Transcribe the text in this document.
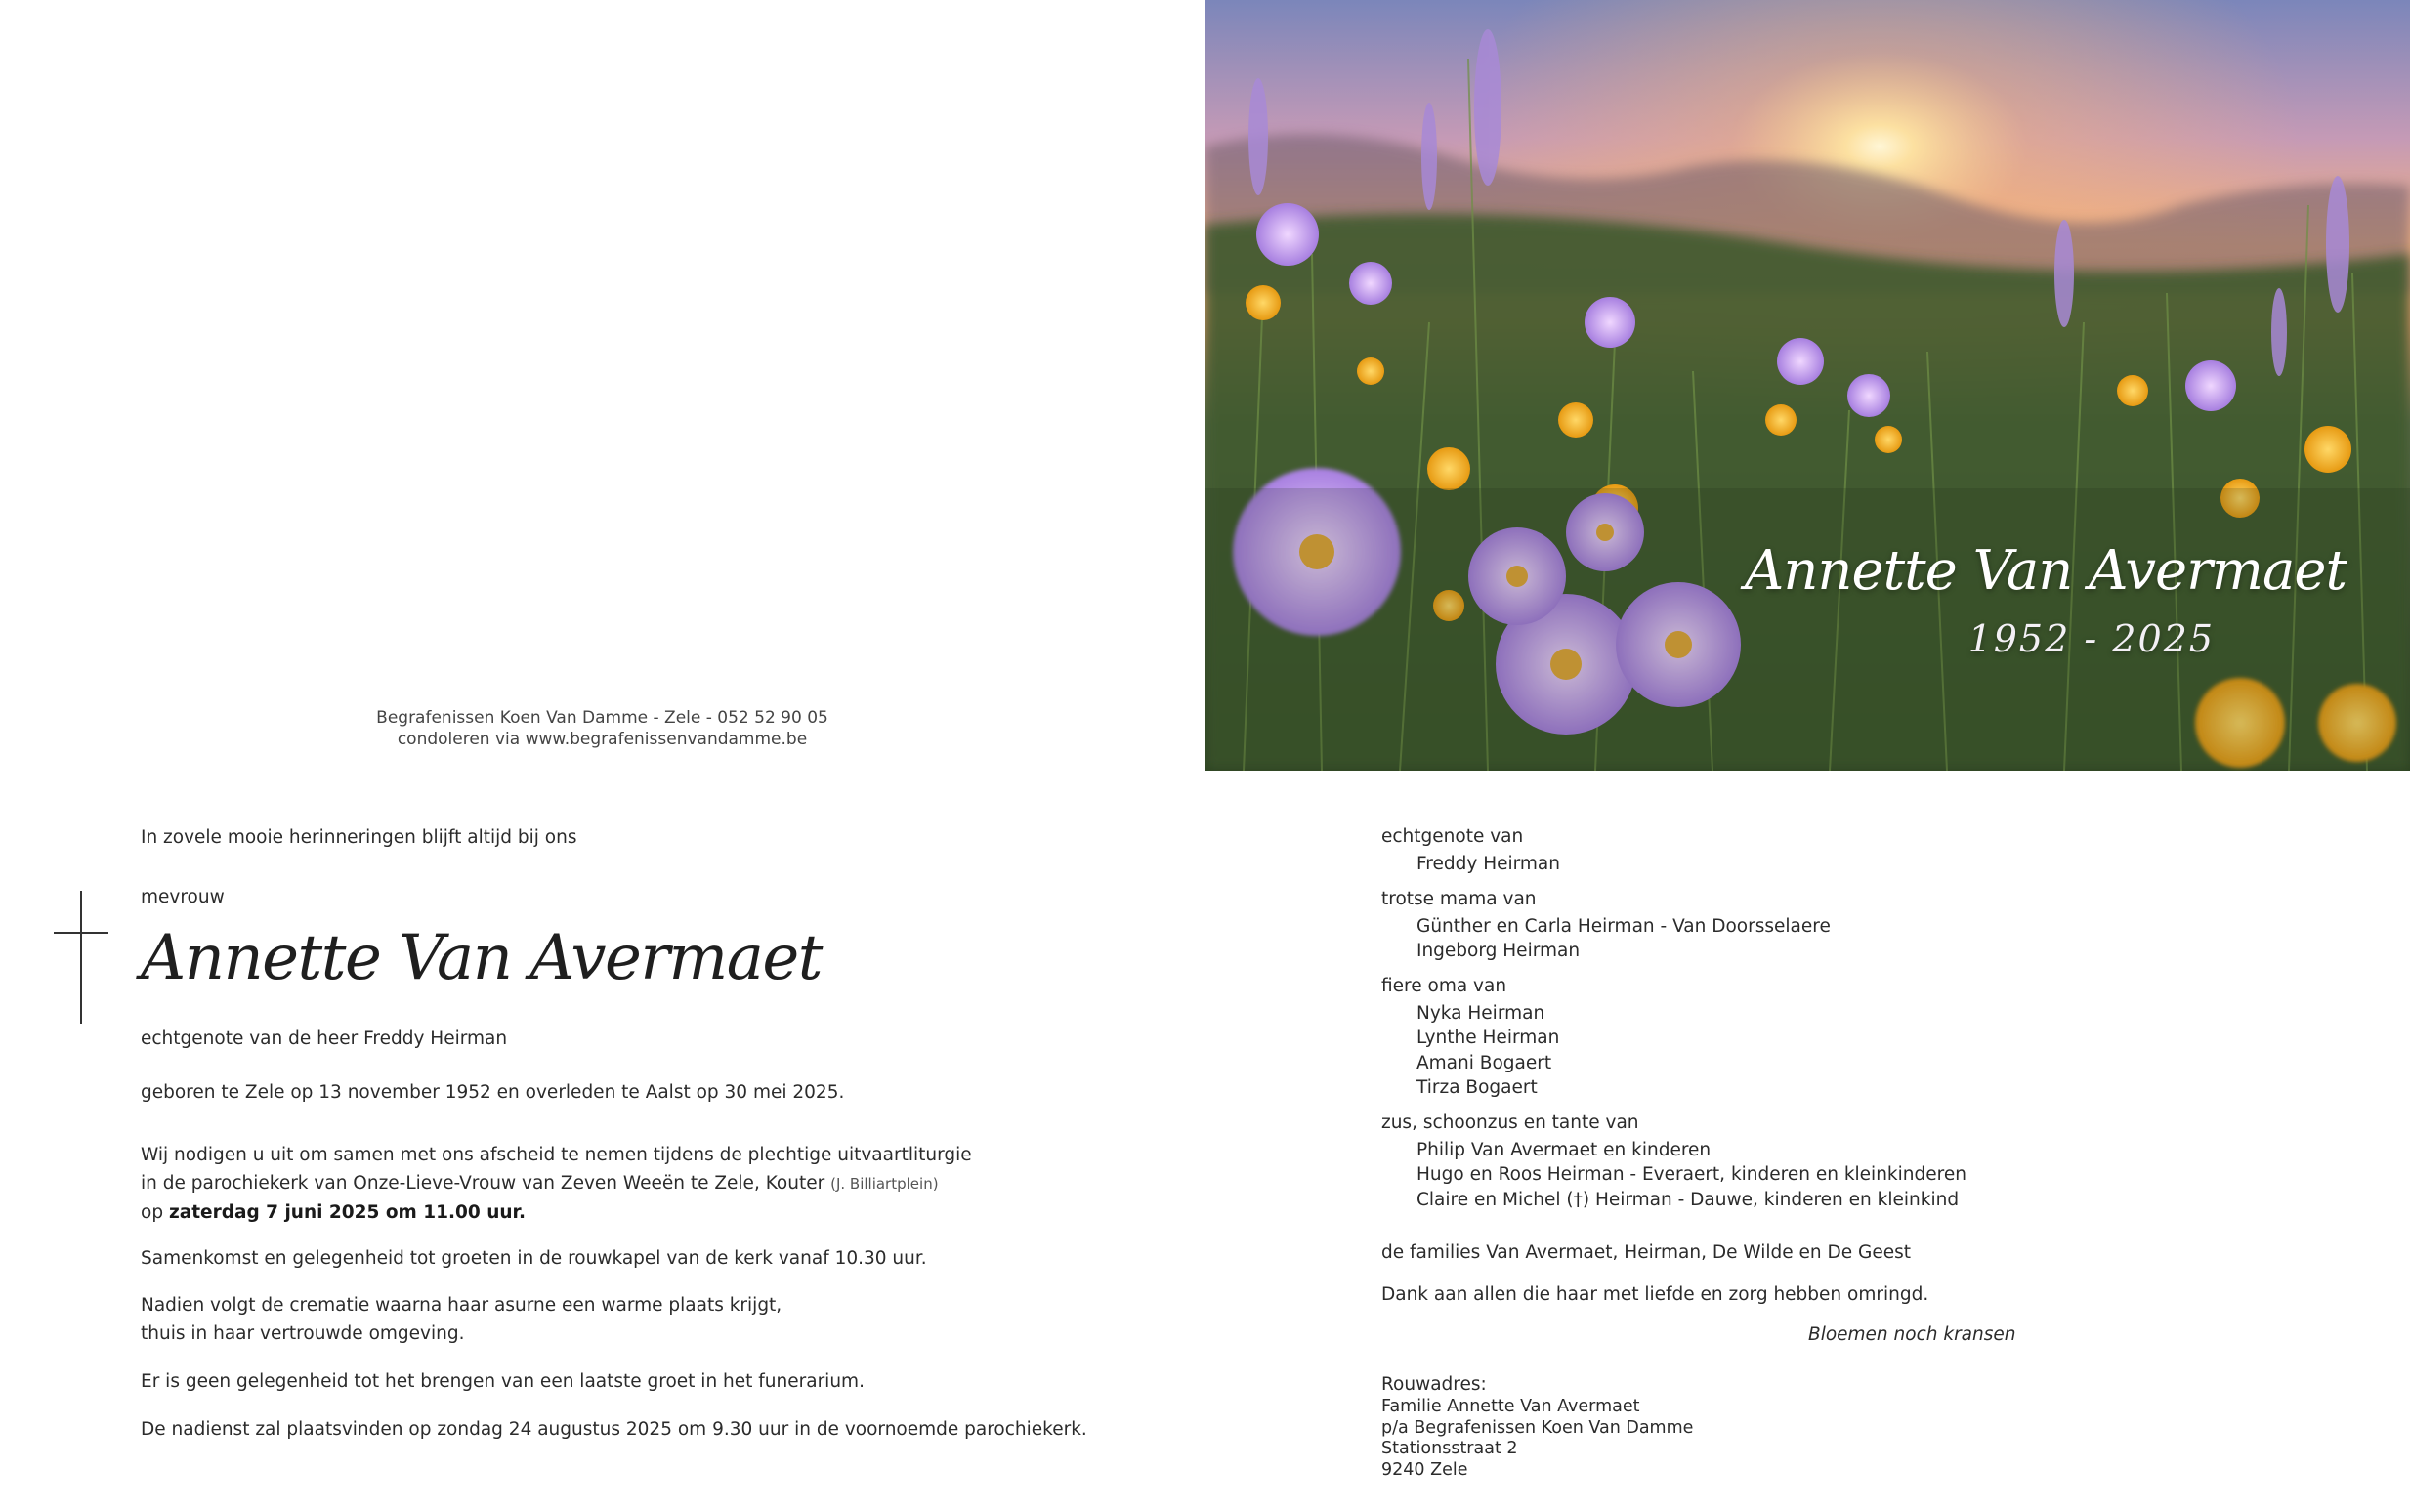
Begrafenissen Koen Van Damme - Zele - 052 52 90 05
condoleren via www.begrafenissenvandamme.be
Annette Van Avermaet
1952 - 2025
In zovele mooie herinneringen blijft altijd bij ons
mevrouw
Annette Van Avermaet
echtgenote van de heer Freddy Heirman
geboren te Zele op 13 november 1952 en overleden te Aalst op 30 mei 2025.
Wij nodigen u uit om samen met ons afscheid te nemen tijdens de plechtige uitvaartliturgie
in de parochiekerk van Onze-Lieve-Vrouw van Zeven Weeën te Zele, Kouter (J. Billiartplein)
op zaterdag 7 juni 2025 om 11.00 uur.
Samenkomst en gelegenheid tot groeten in de rouwkapel van de kerk vanaf 10.30 uur.
Nadien volgt de crematie waarna haar asurne een warme plaats krijgt,
thuis in haar vertrouwde omgeving.
Er is geen gelegenheid tot het brengen van een laatste groet in het funerarium.
De nadienst zal plaatsvinden op zondag 24 augustus 2025 om 9.30 uur in de voornoemde parochiekerk.
echtgenote van
Freddy Heirman
trotse mama van
Günther en Carla Heirman - Van Doorsselaere
Ingeborg Heirman
fiere oma van
Nyka Heirman
Lynthe Heirman
Amani Bogaert
Tirza Bogaert
zus, schoonzus en tante van
Philip Van Avermaet en kinderen
Hugo en Roos Heirman - Everaert, kinderen en kleinkinderen
Claire en Michel (†) Heirman - Dauwe, kinderen en kleinkind
de families Van Avermaet, Heirman, De Wilde en De Geest
Dank aan allen die haar met liefde en zorg hebben omringd.
Bloemen noch kransen
Rouwadres:
Familie Annette Van Avermaet
p/a Begrafenissen Koen Van Damme
Stationsstraat 2
9240 Zele
